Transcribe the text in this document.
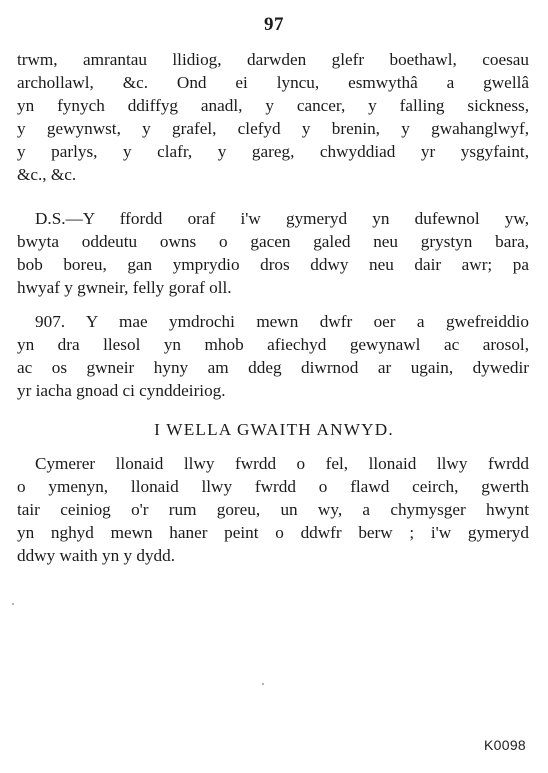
97
trwm, amrantau llidiog, darwden glefr boethawl, coesau
archollawl, &c. Ond ei lyncu, esmwythâ a gwellâ
yn fynych ddiffyg anadl, y cancer, y falling sickness,
y gewynwst, y grafel, clefyd y brenin, y gwahanglwyf,
y parlys, y clafr, y gareg, chwyddiad yr ysgyfaint,
&c., &c.
D.S.—Y ffordd oraf i'w gymeryd yn dufewnol yw,
bwyta oddeutu owns o gacen galed neu grystyn bara,
bob boreu, gan ymprydio dros ddwy neu dair awr; pa
hwyaf y gwneir, felly goraf oll.
907. Y mae ymdrochi mewn dwfr oer a gwefreiddio
yn dra llesol yn mhob afiechyd gewynawl ac arosol,
ac os gwneir hyny am ddeg diwrnod ar ugain, dywedir
yr iacha gnoad ci cynddeiriog.
I WELLA GWAITH ANWYD.
Cymerer llonaid llwy fwrdd o fel, llonaid llwy fwrdd
o ymenyn, llonaid llwy fwrdd o flawd ceirch, gwerth
tair ceiniog o'r rum goreu, un wy, a chymysger hwynt
yn nghyd mewn haner peint o ddwfr berw ; i'w gymeryd
ddwy waith yn y dydd.
K0098
